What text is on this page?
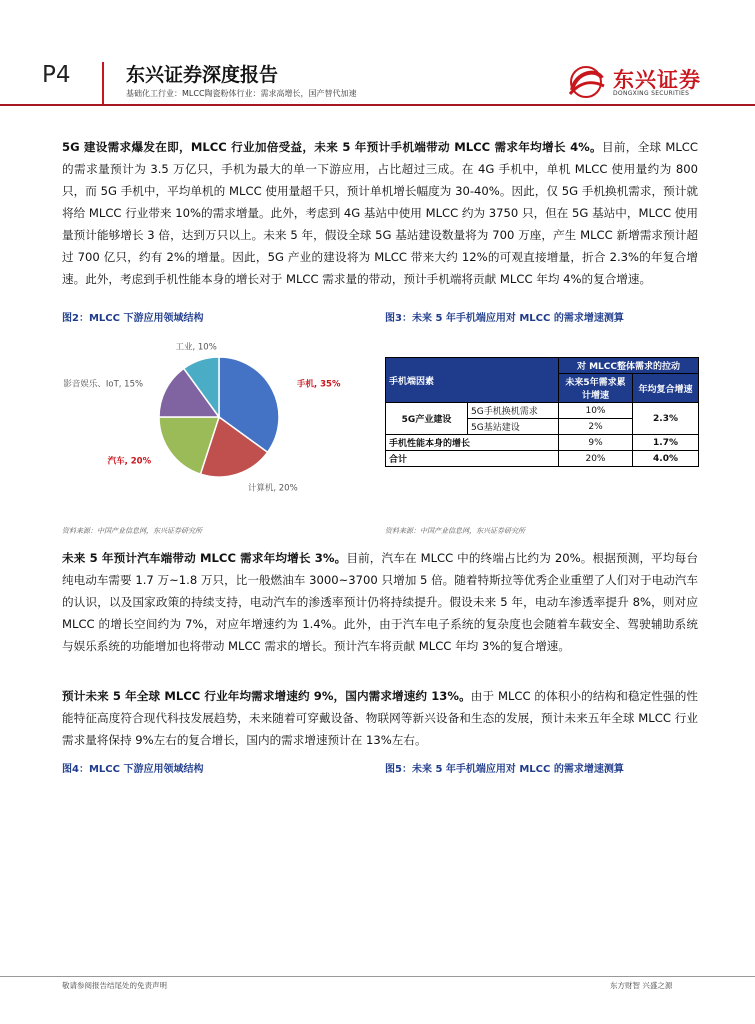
P4	东兴证券深度报告
基础化工行业：MLCC陶瓷粉体行业：需求高增长，国产替代加速
东兴证券
DONGXING SECURITIES
5G 建设需求爆发在即，MLCC 行业加倍受益，未来 5 年预计手机端带动 MLCC 需求年均增长 4%。目前，全球 MLCC 的需求量预计为 3.5 万亿只，手机为最大的单一下游应用，占比超过三成。在 4G 手机中，单机 MLCC 使用量约为 800 只，而 5G 手机中，平均单机的 MLCC 使用量超千只，预计单机增长幅度为 30-40%。因此，仅 5G 手机换机需求，预计就将给 MLCC 行业带来 10%的需求增量。此外，考虑到 4G 基站中使用 MLCC 约为 3750 只，但在 5G 基站中，MLCC 使用量预计能够增长 3 倍，达到万只以上。未来 5 年，假设全球 5G 基站建设数量将为 700 万座，产生 MLCC 新增需求预计超过 700 亿只，约有 2%的增量。因此，5G 产业的建设将为 MLCC 带来大约 12%的可观直接增量，折合 2.3%的年复合增速。此外，考虑到手机性能本身的增长对于 MLCC 需求量的带动，预计手机端将贡献 MLCC 年均 4%的复合增速。
图2：MLCC 下游应用领域结构	图3：未来 5 年手机端应用对 MLCC 的需求增速测算
手机, 35%
计算机, 20%
汽车, 20%
影音娱乐、IoT, 15%
工业, 10%
手机端因素		对 MLCC整体需求的拉动	
		未来5年需求累计增速	年均复合增速
5G产业建设	5G手机换机需求	10%	2.3%
	5G基站建设	2%	
手机性能本身的增长		9%	1.7%
合计		20%	4.0%
资料来源：中国产业信息网，东兴证券研究所	资料来源：中国产业信息网，东兴证券研究所
未来 5 年预计汽车端带动 MLCC 需求年均增长 3%。目前，汽车在 MLCC 中的终端占比约为 20%。根据预测，平均每台纯电动车需要 1.7 万~1.8 万只，比一般燃油车 3000~3700 只增加 5 倍。随着特斯拉等优秀企业重塑了人们对于电动汽车的认识，以及国家政策的持续支持，电动汽车的渗透率预计仍将持续提升。假设未来 5 年，电动车渗透率提升 8%，则对应 MLCC 的增长空间约为 7%，对应年增速约为 1.4%。此外，由于汽车电子系统的复杂度也会随着车载安全、驾驶辅助系统与娱乐系统的功能增加也将带动 MLCC 需求的增长。预计汽车将贡献 MLCC 年均 3%的复合增速。
预计未来 5 年全球 MLCC 行业年均需求增速约 9%，国内需求增速约 13%。由于 MLCC 的体积小的结构和稳定性强的性能特征高度符合现代科技发展趋势，未来随着可穿戴设备、物联网等新兴设备和生态的发展，预计未来五年全球 MLCC 行业需求量将保持 9%左右的复合增长，国内的需求增速预计在 13%左右。
图4：MLCC 下游应用领域结构	图5：未来 5 年手机端应用对 MLCC 的需求增速测算
敬请参阅报告结尾处的免责声明	东方财智 兴盛之源
